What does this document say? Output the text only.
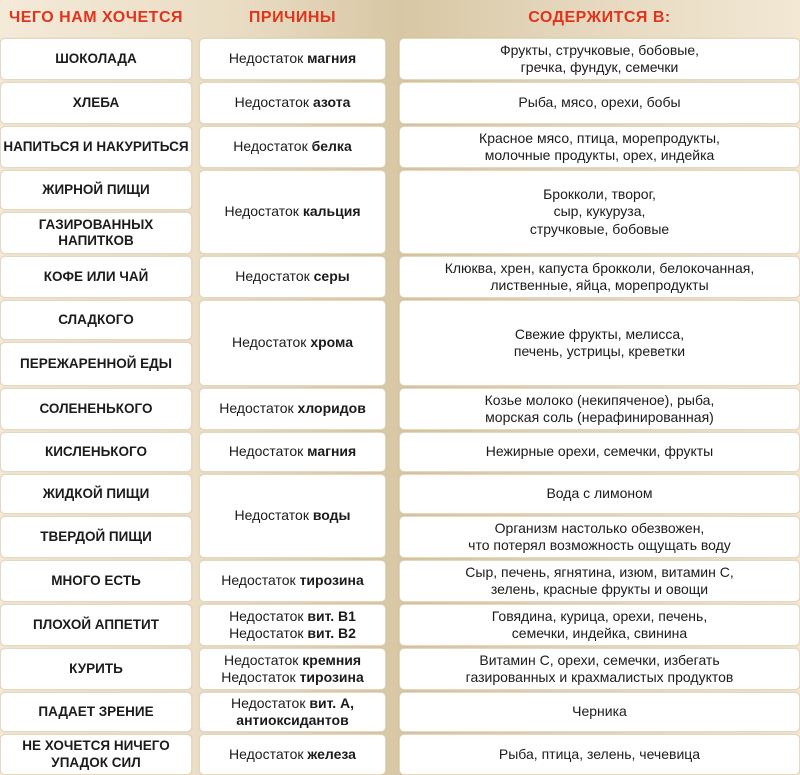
ЧЕГО НАМ ХОЧЕТСЯ	ПРИЧИНЫ	СОДЕРЖИТСЯ В:
ШОКОЛАДА
ХЛЕБА
НАПИТЬСЯ И НАКУРИТЬСЯ
ЖИРНОЙ ПИЩИ
ГАЗИРОВАННЫХ НАПИТКОВ
КОФЕ ИЛИ ЧАЙ
СЛАДКОГО
ПЕРЕЖАРЕННОЙ ЕДЫ
СОЛЕНЕНЬКОГО
КИСЛЕНЬКОГО
ЖИДКОЙ ПИЩИ
ТВЕРДОЙ ПИЩИ
МНОГО ЕСТЬ
ПЛОХОЙ АППЕТИТ
КУРИТЬ
ПАДАЕТ ЗРЕНИЕ
НЕ ХОЧЕТСЯ НИЧЕГО
УПАДОК СИЛ
Недостаток магния
Недостаток азота
Недостаток белка
Недостаток кальция
Недостаток серы
Недостаток хрома
Недостаток хлоридов
Недостаток магния
Недостаток воды
Недостаток тирозина
Недостаток вит. B1
Недостаток вит. B2
Недостаток кремния
Недостаток тирозина
Недостаток вит. А,
антиоксидантов
Недостаток железа
Фрукты, стручковые, бобовые,
гречка, фундук, семечки
Рыба, мясо, орехи, бобы
Красное мясо, птица, морепродукты,
молочные продукты, орех, индейка
Брокколи, творог,
сыр, кукуруза,
стручковые, бобовые
Клюква, хрен, капуста брокколи, белокочанная,
лиственные, яйца, морепродукты
Свежие фрукты, мелисса,
печень, устрицы, креветки
Козье молоко (некипяченое), рыба,
морская соль (нерафинированная)
Нежирные орехи, семечки, фрукты
Вода с лимоном
Организм настолько обезвожен,
что потерял возможность ощущать воду
Сыр, печень, ягнятина, изюм, витамин С,
зелень, красные фрукты и овощи
Говядина, курица, орехи, печень,
семечки, индейка, свинина
Витамин С, орехи, семечки, избегать
газированных и крахмалистых продуктов
Черника
Рыба, птица, зелень, чечевица
